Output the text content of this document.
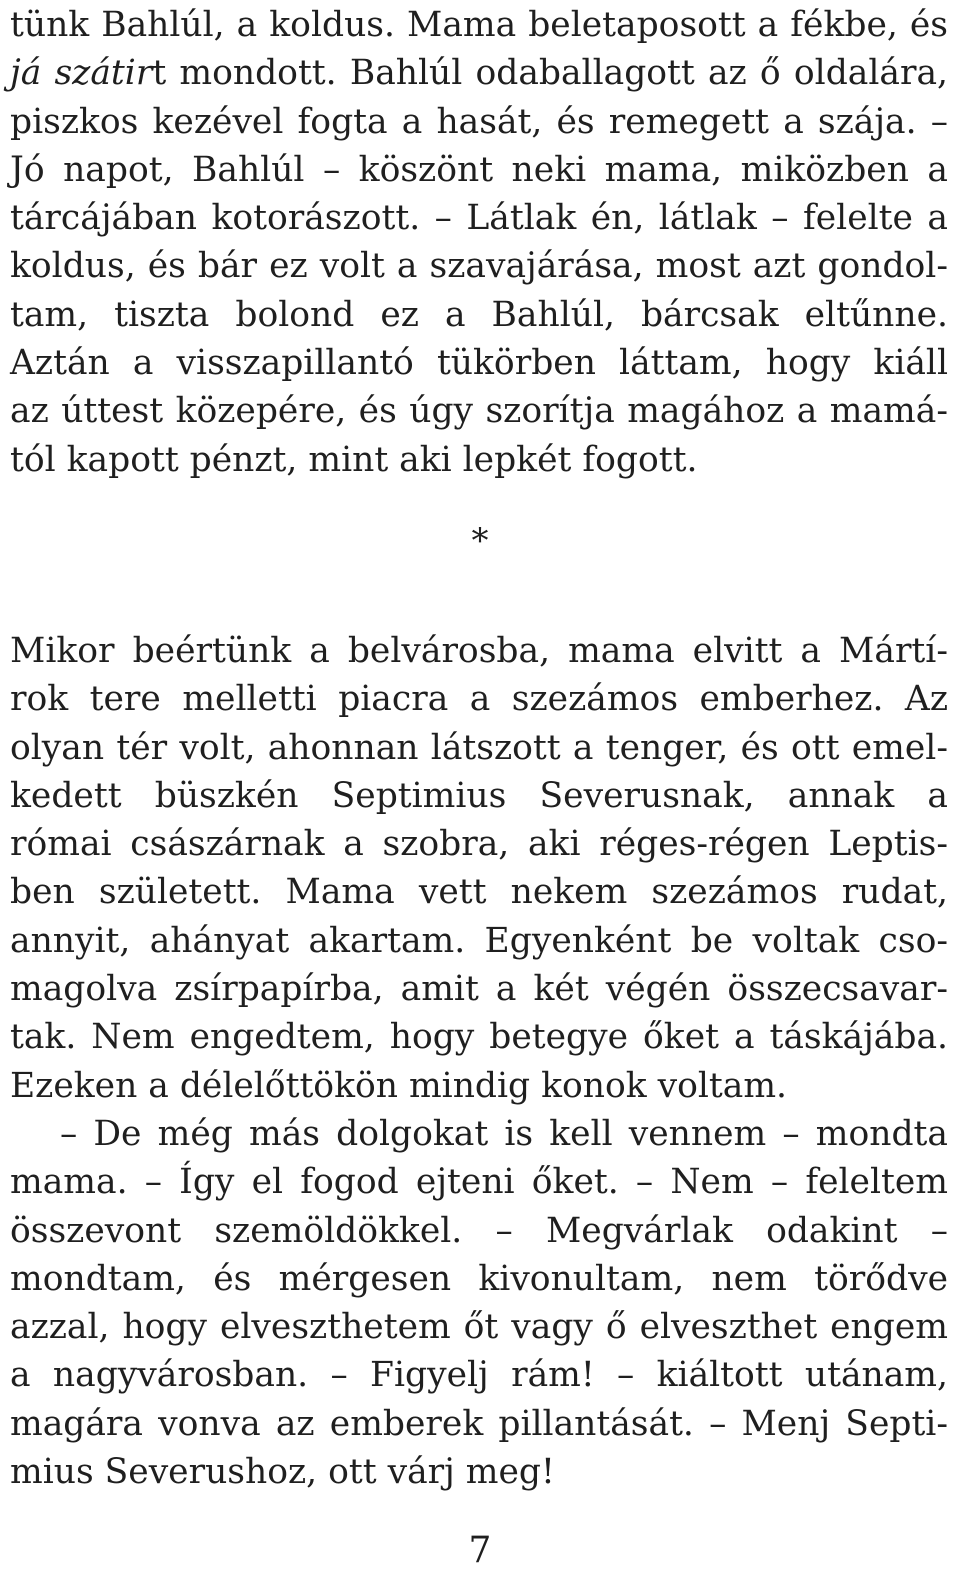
tünk Bahlúl, a koldus. Mama beletaposott a fékbe, és
já szátirt mondott. Bahlúl odaballagott az ő oldalára,
piszkos kezével fogta a hasát, és remegett a szája. –
Jó napot, Bahlúl – köszönt neki mama, miközben a
tárcájában kotorászott. – Látlak én, látlak – felelte a
koldus, és bár ez volt a szavajárása, most azt gondol-
tam, tiszta bolond ez a Bahlúl, bárcsak eltűnne.
Aztán a visszapillantó tükörben láttam, hogy kiáll
az úttest közepére, és úgy szorítja magához a mamá-
tól kapott pénzt, mint aki lepkét fogott.
*
Mikor beértünk a belvárosba, mama elvitt a Mártí-
rok tere melletti piacra a szezámos emberhez. Az
olyan tér volt, ahonnan látszott a tenger, és ott emel-
kedett büszkén Septimius Severusnak, annak a
római császárnak a szobra, aki réges-régen Leptis-
ben született. Mama vett nekem szezámos rudat,
annyit, ahányat akartam. Egyenként be voltak cso-
magolva zsírpapírba, amit a két végén összecsavar-
tak. Nem engedtem, hogy betegye őket a táskájába.
Ezeken a délelőttökön mindig konok voltam.
– De még más dolgokat is kell vennem – mondta
mama. – Így el fogod ejteni őket. – Nem – feleltem
összevont szemöldökkel. – Megvárlak odakint –
mondtam, és mérgesen kivonultam, nem törődve
azzal, hogy elveszthetem őt vagy ő elveszthet engem
a nagyvárosban. – Figyelj rám! – kiáltott utánam,
magára vonva az emberek pillantását. – Menj Septi-
mius Severushoz, ott várj meg!
7
